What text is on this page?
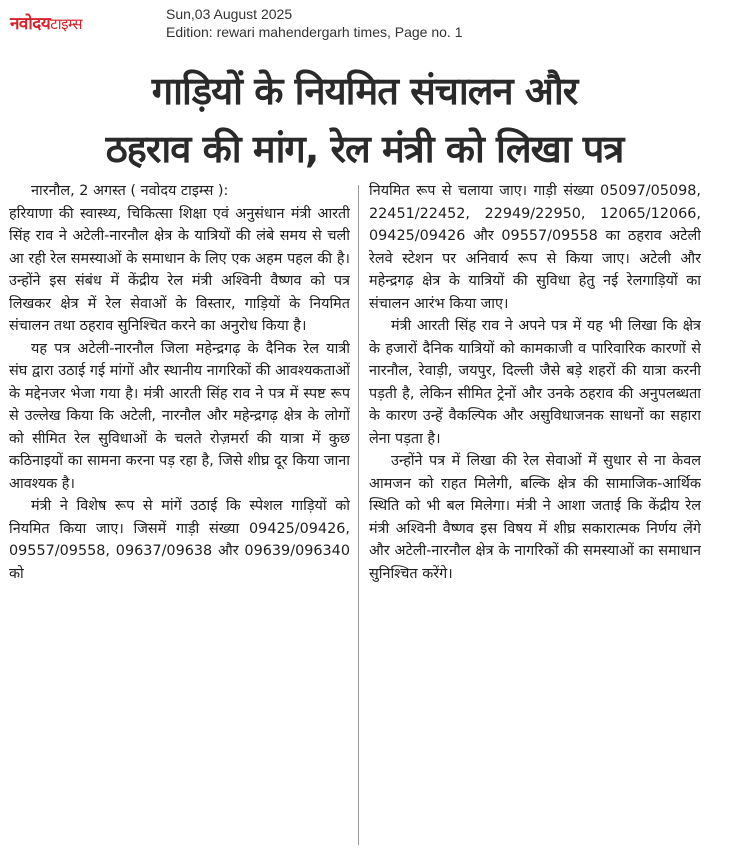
नवोदयटाइम्स
Sun,03 August 2025
Edition: rewari mahendergarh times, Page no. 1
गाड़ियों के नियमित संचालन और
ठहराव की मांग, रेल मंत्री को लिखा पत्र
नारनौल, 2 अगस्त ( नवोदय टाइम्स ):

हरियाणा की स्वास्थ्य, चिकित्सा शिक्षा एवं अनुसंधान मंत्री आरती सिंह राव ने अटेली-नारनौल क्षेत्र के यात्रियों की लंबे समय से चली आ रही रेल समस्याओं के समाधान के लिए एक अहम पहल की है। उन्होंने इस संबंध में केंद्रीय रेल मंत्री अश्विनी वैष्णव को पत्र लिखकर क्षेत्र में रेल सेवाओं के विस्तार, गाड़ियों के नियमित संचालन तथा ठहराव सुनिश्चित करने का अनुरोध किया है।

यह पत्र अटेली-नारनौल जिला महेन्द्रगढ़ के दैनिक रेल यात्री संघ द्वारा उठाई गई मांगों और स्थानीय नागरिकों की आवश्यकताओं के मद्देनजर भेजा गया है। मंत्री आरती सिंह राव ने पत्र में स्पष्ट रूप से उल्लेख किया कि अटेली, नारनौल और महेन्द्रगढ़ क्षेत्र के लोगों को सीमित रेल सुविधाओं के चलते रोज़मर्रा की यात्रा में कुछ कठिनाइयों का सामना करना पड़ रहा है, जिसे शीघ्र दूर किया जाना आवश्यक है।

मंत्री ने विशेष रूप से मांगें उठाई कि स्पेशल गाड़ियों को नियमित किया जाए। जिसमें गाड़ी संख्या 09425/09426, 09557/09558, 09637/09638 और 09639/096340 को

नियमित रूप से चलाया जाए। गाड़ी संख्या 05097/05098, 22451/22452, 22949/22950, 12065/12066, 09425/09426 और 09557/09558 का ठहराव अटेली रेलवे स्टेशन पर अनिवार्य रूप से किया जाए। अटेली और महेन्द्रगढ़ क्षेत्र के यात्रियों की सुविधा हेतु नई रेलगाड़ियों का संचालन आरंभ किया जाए।

मंत्री आरती सिंह राव ने अपने पत्र में यह भी लिखा कि क्षेत्र के हजारों दैनिक यात्रियों को कामकाजी व पारिवारिक कारणों से नारनौल, रेवाड़ी, जयपुर, दिल्ली जैसे बड़े शहरों की यात्रा करनी पड़ती है, लेकिन सीमित ट्रेनों और उनके ठहराव की अनुपलब्धता के कारण उन्हें वैकल्पिक और असुविधाजनक साधनों का सहारा लेना पड़ता है।

उन्होंने पत्र में लिखा की रेल सेवाओं में सुधार से ना केवल आमजन को राहत मिलेगी, बल्कि क्षेत्र की सामाजिक-आर्थिक स्थिति को भी बल मिलेगा। मंत्री ने आशा जताई कि केंद्रीय रेल मंत्री अश्विनी वैष्णव इस विषय में शीघ्र सकारात्मक निर्णय लेंगे और अटेली-नारनौल क्षेत्र के नागरिकों की समस्याओं का समाधान सुनिश्चित करेंगे।
